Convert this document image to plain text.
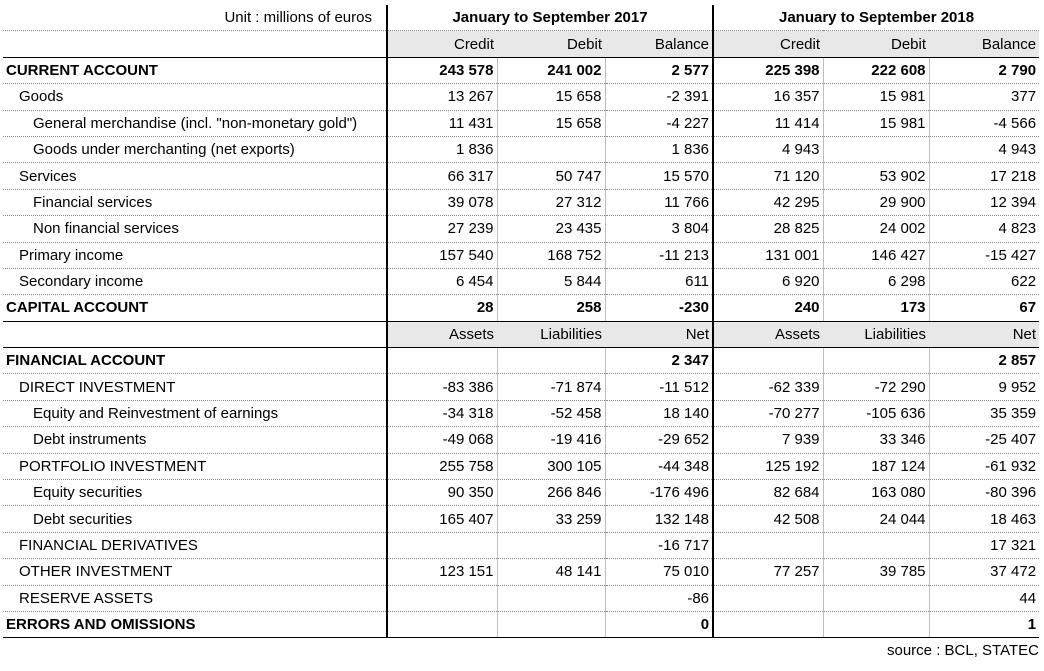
Unit : millions of euros	January to September 2017			January to September 2018		
	Credit	Debit	Balance	Credit	Debit	Balance
CURRENT ACCOUNT	243 578	241 002	2 577	225 398	222 608	2 790
Goods	13 267	15 658	-2 391	16 357	15 981	377
General merchandise (incl. "non-monetary gold")	11 431	15 658	-4 227	11 414	15 981	-4 566
Goods under merchanting (net exports)	1 836		1 836	4 943		4 943
Services	66 317	50 747	15 570	71 120	53 902	17 218
Financial services	39 078	27 312	11 766	42 295	29 900	12 394
Non financial services	27 239	23 435	3 804	28 825	24 002	4 823
Primary income	157 540	168 752	-11 213	131 001	146 427	-15 427
Secondary income	6 454	5 844	611	6 920	6 298	622
CAPITAL ACCOUNT	28	258	-230	240	173	67
	Assets	Liabilities	Net	Assets	Liabilities	Net
FINANCIAL ACCOUNT			2 347			2 857
DIRECT INVESTMENT	-83 386	-71 874	-11 512	-62 339	-72 290	9 952
Equity and Reinvestment of earnings	-34 318	-52 458	18 140	-70 277	-105 636	35 359
Debt instruments	-49 068	-19 416	-29 652	7 939	33 346	-25 407
PORTFOLIO INVESTMENT	255 758	300 105	-44 348	125 192	187 124	-61 932
Equity securities	90 350	266 846	-176 496	82 684	163 080	-80 396
Debt securities	165 407	33 259	132 148	42 508	24 044	18 463
FINANCIAL DERIVATIVES			-16 717			17 321
OTHER INVESTMENT	123 151	48 141	75 010	77 257	39 785	37 472
RESERVE ASSETS			-86			44
ERRORS AND OMISSIONS			0			1
source : BCL, STATEC
